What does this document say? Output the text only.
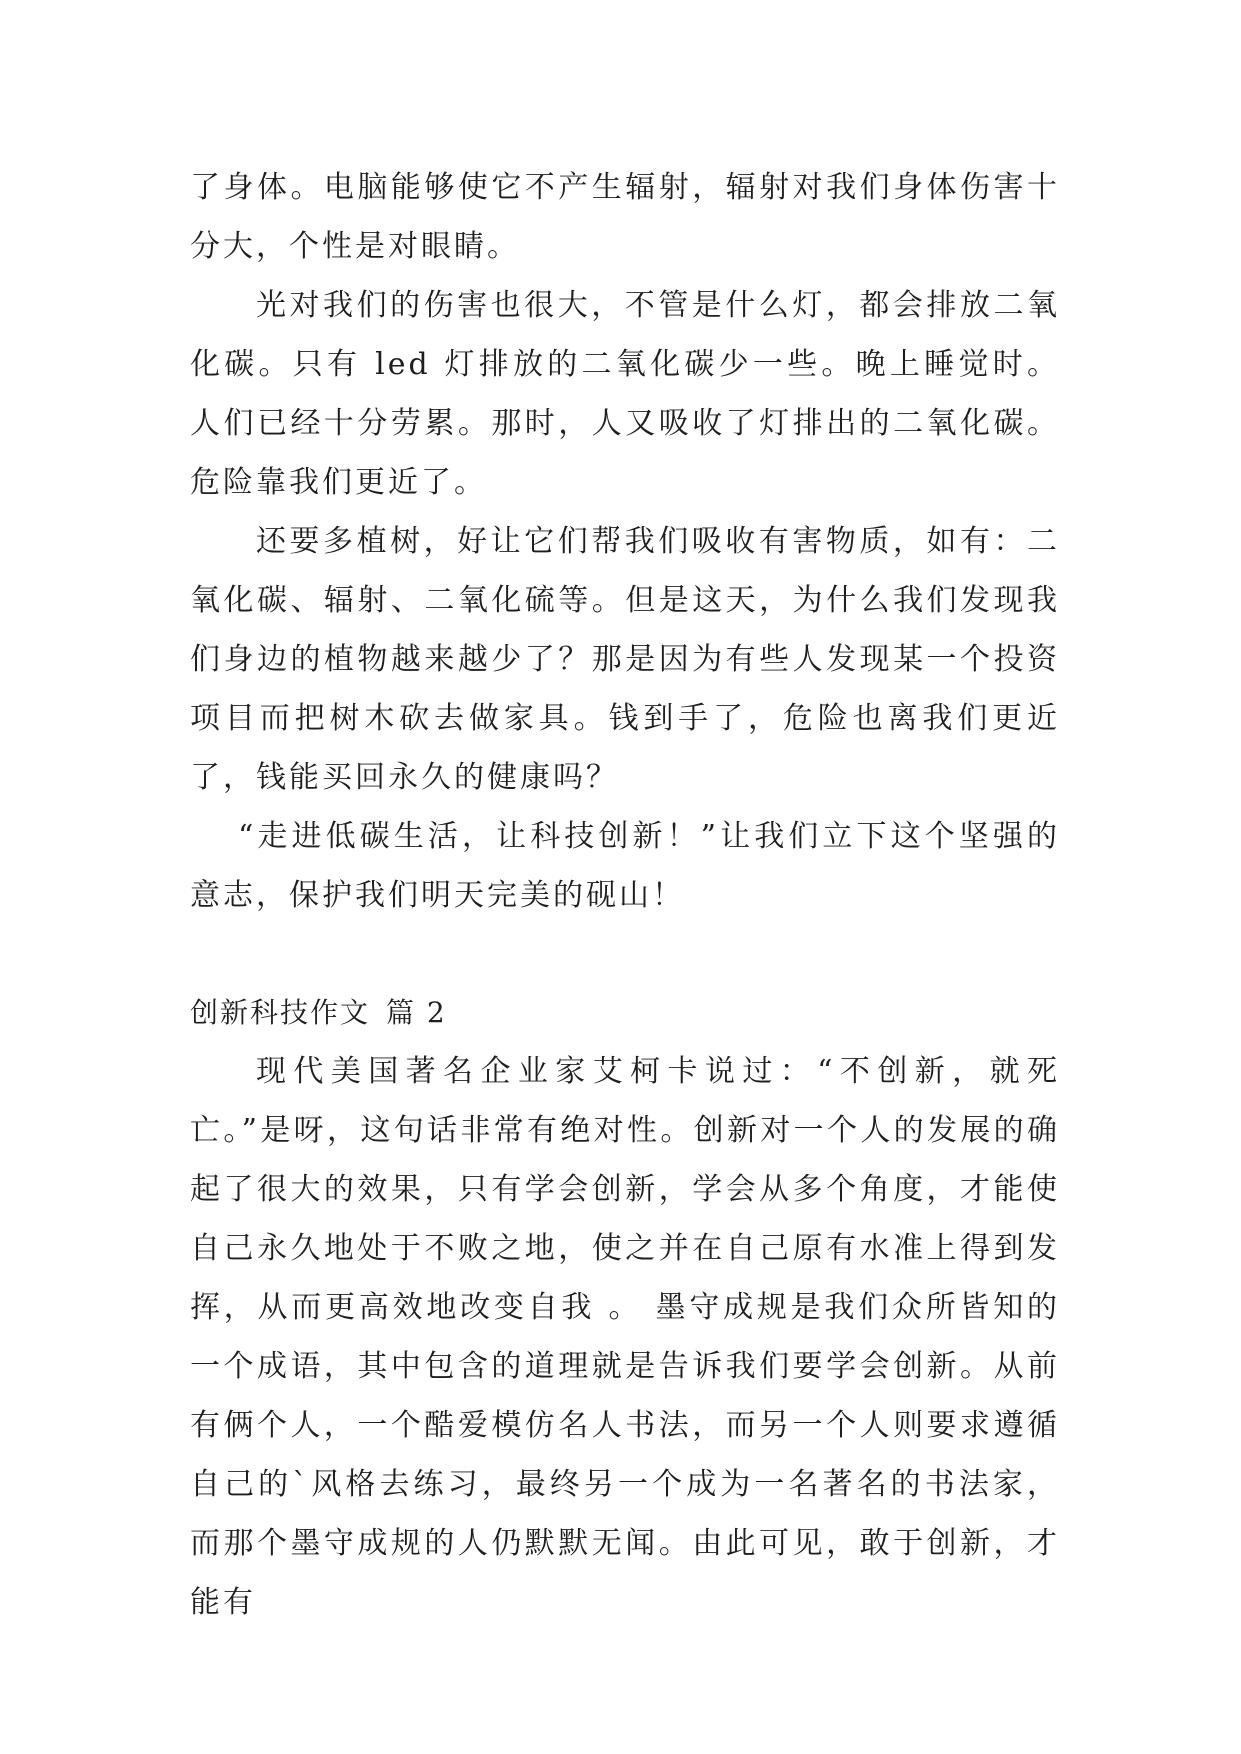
了身体。电脑能够使它不产生辐射，辐射对我们身体伤害十分大，个性是对眼睛。

光对我们的伤害也很大，不管是什么灯，都会排放二氧化碳。只有 led 灯排放的二氧化碳少一些。晚上睡觉时。人们已经十分劳累。那时，人又吸收了灯排出的二氧化碳。危险靠我们更近了。

还要多植树，好让它们帮我们吸收有害物质，如有：二氧化碳、辐射、二氧化硫等。但是这天，为什么我们发现我们身边的植物越来越少了？那是因为有些人发现某一个投资项目而把树木砍去做家具。钱到手了，危险也离我们更近了，钱能买回永久的健康吗？

“走进低碳生活，让科技创新！”让我们立下这个坚强的意志，保护我们明天完美的砚山！

创新科技作文 篇 2

现代美国著名企业家艾柯卡说过：“不创新，就死亡。”是呀，这句话非常有绝对性。创新对一个人的发展的确起了很大的效果，只有学会创新，学会从多个角度，才能使自己永久地处于不败之地，使之并在自己原有水准上得到发挥，从而更高效地改变自我 。 墨守成规是我们众所皆知的一个成语，其中包含的道理就是告诉我们要学会创新。从前有俩个人，一个酷爱模仿名人书法，而另一个人则要求遵循自己的`风格去练习，最终另一个成为一名著名的书法家，而那个墨守成规的人仍默默无闻。由此可见，敢于创新，才能有
